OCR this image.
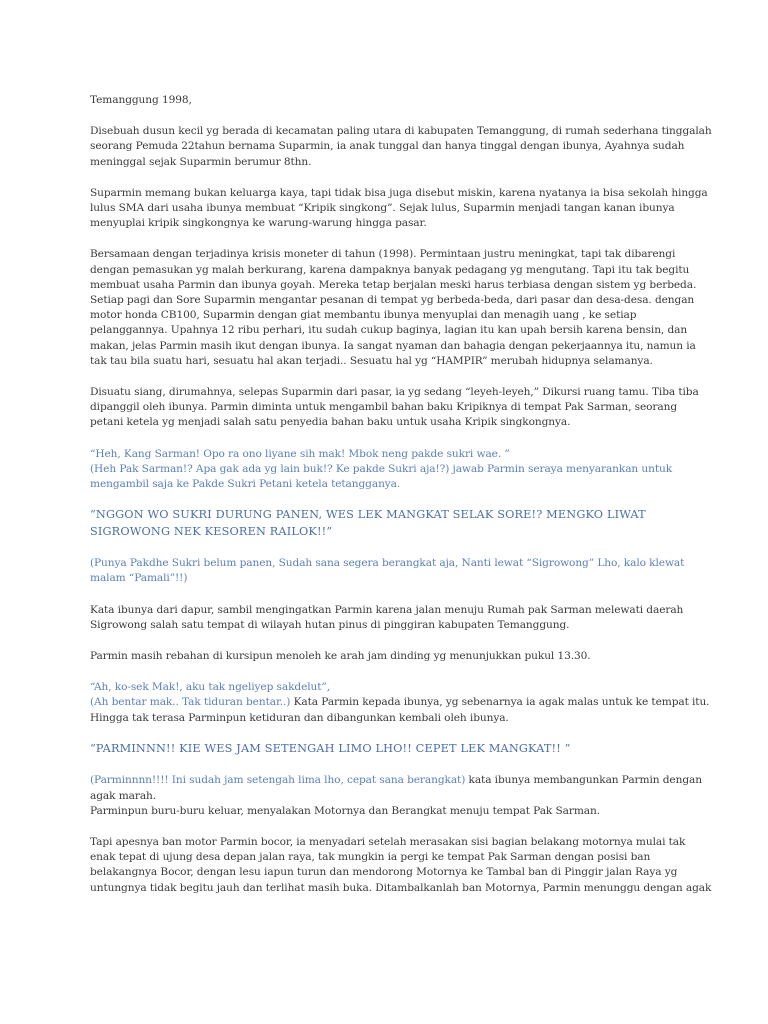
Temanggung 1998,

Disebuah dusun kecil yg berada di kecamatan paling utara di kabupaten Temanggung, di rumah sederhana tinggalah
seorang Pemuda 22tahun bernama Suparmin, ia anak tunggal dan hanya tinggal dengan ibunya, Ayahnya sudah
meninggal sejak Suparmin berumur 8thn.

Suparmin memang bukan keluarga kaya, tapi tidak bisa juga disebut miskin, karena nyatanya ia bisa sekolah hingga
lulus SMA dari usaha ibunya membuat “Kripik singkong”. Sejak lulus, Suparmin menjadi tangan kanan ibunya
menyuplai kripik singkongnya ke warung-warung hingga pasar.

Bersamaan dengan terjadinya krisis moneter di tahun (1998). Permintaan justru meningkat, tapi tak dibarengi
dengan pemasukan yg malah berkurang, karena dampaknya banyak pedagang yg mengutang. Tapi itu tak begitu
membuat usaha Parmin dan ibunya goyah. Mereka tetap berjalan meski harus terbiasa dengan sistem yg berbeda.
Setiap pagi dan Sore Suparmin mengantar pesanan di tempat yg berbeda-beda, dari pasar dan desa-desa. dengan
motor honda CB100, Suparmin dengan giat membantu ibunya menyuplai dan menagih uang , ke setiap
pelanggannya. Upahnya 12 ribu perhari, itu sudah cukup baginya, lagian itu kan upah bersih karena bensin, dan
makan, jelas Parmin masih ikut dengan ibunya. Ia sangat nyaman dan bahagia dengan pekerjaannya itu, namun ia
tak tau bila suatu hari, sesuatu hal akan terjadi.. Sesuatu hal yg “HAMPIR” merubah hidupnya selamanya.

Disuatu siang, dirumahnya, selepas Suparmin dari pasar, ia yg sedang “leyeh-leyeh,” Dikursi ruang tamu. Tiba tiba
dipanggil oleh ibunya. Parmin diminta untuk mengambil bahan baku Kripiknya di tempat Pak Sarman, seorang
petani ketela yg menjadi salah satu penyedia bahan baku untuk usaha Kripik singkongnya.

“Heh, Kang Sarman! Opo ra ono liyane sih mak! Mbok neng pakde sukri wae. ”
(Heh Pak Sarman!? Apa gak ada yg lain buk!? Ke pakde Sukri aja!?) jawab Parmin seraya menyarankan untuk
mengambil saja ke Pakde Sukri Petani ketela tetangganya.

“NGGON WO SUKRI DURUNG PANEN, WES LEK MANGKAT SELAK SORE!? MENGKO LIWAT
SIGROWONG NEK KESOREN RAILOK!!”

(Punya Pakdhe Sukri belum panen, Sudah sana segera berangkat aja, Nanti lewat “Sigrowong” Lho, kalo klewat
malam “Pamali”!!)

Kata ibunya dari dapur, sambil mengingatkan Parmin karena jalan menuju Rumah pak Sarman melewati daerah
Sigrowong salah satu tempat di wilayah hutan pinus di pinggiran kabupaten Temanggung.

Parmin masih rebahan di kursipun menoleh ke arah jam dinding yg menunjukkan pukul 13.30.

“Ah, ko-sek Mak!, aku tak ngeliyep sakdelut”,
(Ah bentar mak.. Tak tiduran bentar..) Kata Parmin kepada ibunya, yg sebenarnya ia agak malas untuk ke tempat itu.
Hingga tak terasa Parminpun ketiduran dan dibangunkan kembali oleh ibunya.

“PARMINNN!! KIE WES JAM SETENGAH LIMO LHO!! CEPET LEK MANGKAT!! ”

(Parminnnn!!!! Ini sudah jam setengah lima lho, cepat sana berangkat) kata ibunya membangunkan Parmin dengan
agak marah.
Parminpun buru-buru keluar, menyalakan Motornya dan Berangkat menuju tempat Pak Sarman.

Tapi apesnya ban motor Parmin bocor, ia menyadari setelah merasakan sisi bagian belakang motornya mulai tak
enak tepat di ujung desa depan jalan raya, tak mungkin ia pergi ke tempat Pak Sarman dengan posisi ban
belakangnya Bocor, dengan lesu iapun turun dan mendorong Motornya ke Tambal ban di Pinggir jalan Raya yg
untungnya tidak begitu jauh dan terlihat masih buka. Ditambalkanlah ban Motornya, Parmin menunggu dengan agak
